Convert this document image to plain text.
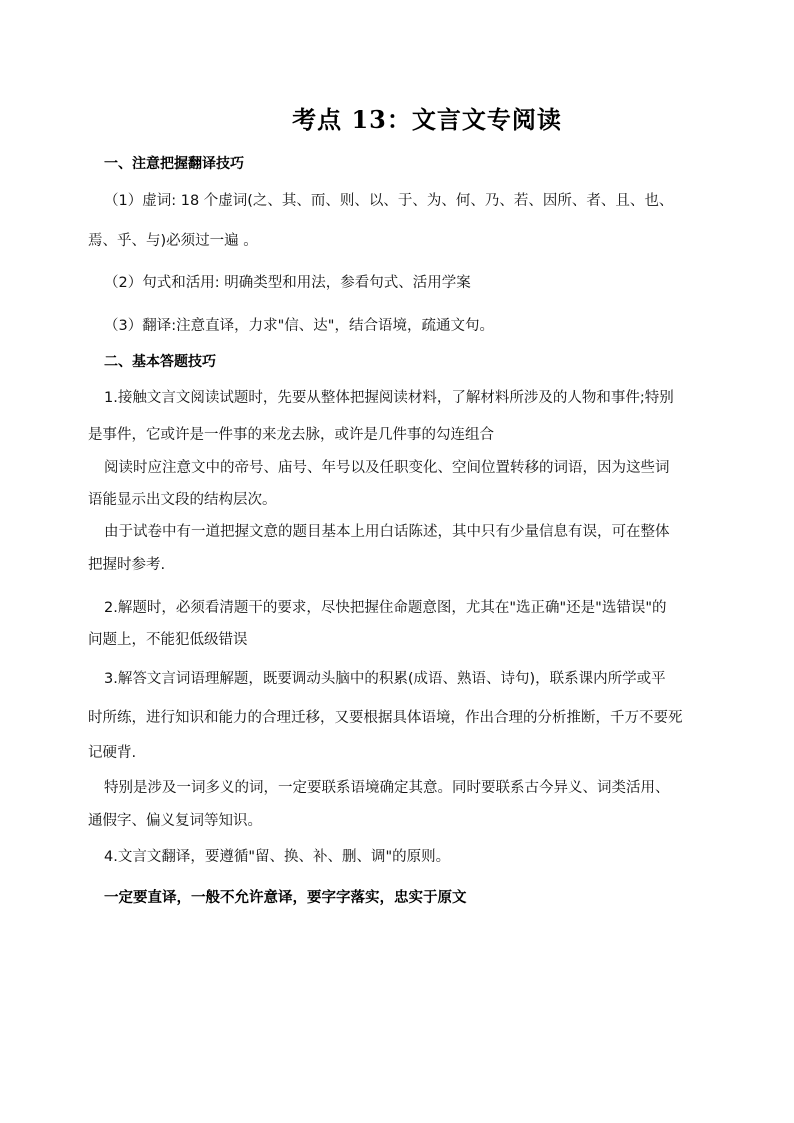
考点 13：文言文专阅读
一、注意把握翻译技巧
（1）虚词: 18 个虚词(之、其、而、则、以、于、为、何、乃、若、因所、者、且、也、
焉、乎、与)必须过一遍 。
（2）句式和活用: 明确类型和用法，参看句式、活用学案
（3）翻译:注意直译，力求"信、达"，结合语境，疏通文句。
二、基本答题技巧
1.接触文言文阅读试题时，先要从整体把握阅读材料，了解材料所涉及的人物和事件;特别
是事件，它或许是一件事的来龙去脉，或许是几件事的勾连组合
阅读时应注意文中的帝号、庙号、年号以及任职变化、空间位置转移的词语，因为这些词
语能显示出文段的结构层次。
由于试卷中有一道把握文意的题目基本上用白话陈述，其中只有少量信息有误，可在整体
把握时参考.
2.解题时，必须看清题干的要求，尽快把握住命题意图，尤其在"选正确"还是"选错误"的
问题上，不能犯低级错误
3.解答文言词语理解题，既要调动头脑中的积累(成语、熟语、诗句)，联系课内所学或平
时所练，进行知识和能力的合理迁移，又要根据具体语境，作出合理的分析推断，千万不要死
记硬背.
特别是涉及一词多义的词，一定要联系语境确定其意。同时要联系古今异义、词类活用、
通假字、偏义复词等知识。
4.文言文翻译，要遵循"留、换、补、删、调"的原则。
一定要直译，一般不允许意译，要字字落实，忠实于原文
